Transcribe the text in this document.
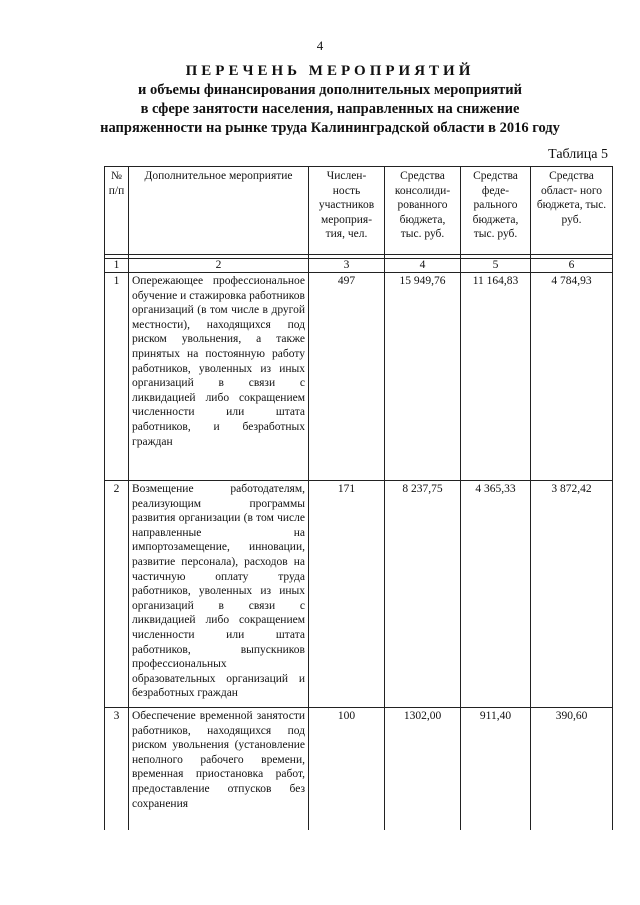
4
ПЕРЕЧЕНЬ МЕРОПРИЯТИЙ
и объемы финансирования дополнительных мероприятий
в сфере занятости населения, направленных на снижение
напряженности на рынке труда Калининградской области в 2016 году
Таблица 5
№ п/п	Дополнительное мероприятие	Числен- ность участников мероприя- тия, чел.	Средства консолиди- рованного бюджета, тыс. руб.	Средства феде- рального бюджета, тыс. руб.	Средства област- ного бюджета, тыс. руб.

1	2	3	4	5	6
1	Опережающее профессиональное обучение и стажировка работников организаций (в том числе в другой местности), находящихся под риском увольнения, а также принятых на постоянную работу работников, уволенных из иных организаций в связи с ликвидацией либо сокращением численности или штата работников, и безработных граждан	497	15 949,76	11 164,83	4 784,93
2	Возмещение работодателям, реализующим программы развития организации (в том числе направленные на импортозамещение, инновации, развитие персонала), расходов на частичную оплату труда работников, уволенных из иных организаций в связи с ликвидацией либо сокращением численности или штата работников, выпускников профессиональных образовательных организаций и безработных граждан	171	8 237,75	4 365,33	3 872,42
3	Обеспечение временной занятости работников, находящихся под риском увольнения (установление неполного рабочего времени, временная приостановка работ, предоставление отпусков без сохранения	100	1302,00	911,40	390,60
